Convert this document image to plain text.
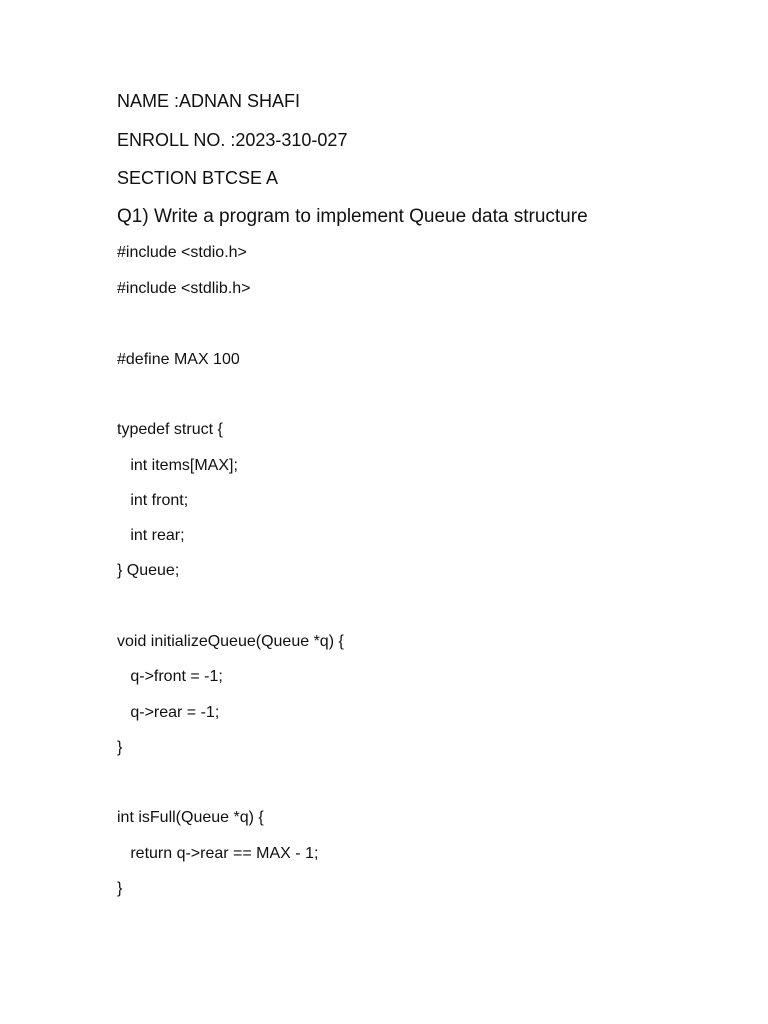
NAME :ADNAN SHAFI
ENROLL NO. :2023-310-027
SECTION BTCSE A
Q1) Write a program to implement Queue data structure
#include <stdio.h>
#include <stdlib.h>
#define MAX 100
typedef struct {
int items[MAX];
int front;
int rear;
} Queue;
void initializeQueue(Queue *q) {
q->front = -1;
q->rear = -1;
}
int isFull(Queue *q) {
return q->rear == MAX - 1;
}
